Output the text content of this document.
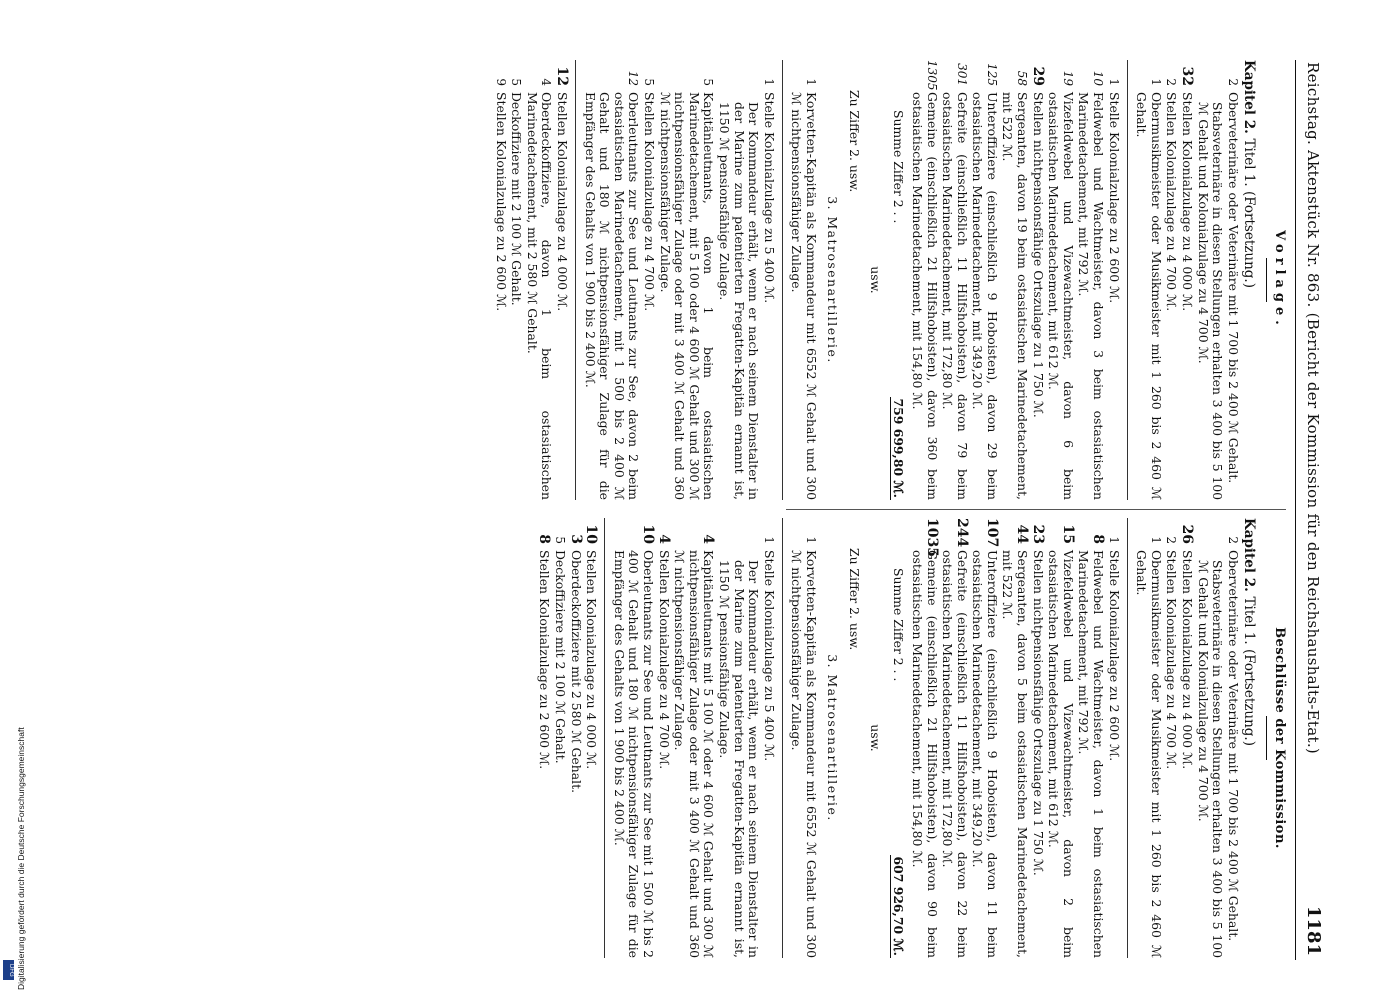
Reichstag. Aktenstück Nr. 863. (Bericht der Kommission für den Reichshaushalts-Etat.)
1181
Vorlage.
Kapitel 2. Titel 1. (Fortsetzung.)
2
Oberveterinäre oder Veterinäre mit 1 700 bis 2 400 ℳ Gehalt.
Stabsveterinäre in diesen Stellungen erhalten 3 400 bis 5 100 ℳ Gehalt und Kolonialzulage zu 4 700 ℳ.
32
Stellen Kolonialzulage zu 4 000 ℳ.
2
Stellen Kolonialzulage zu 4 700 ℳ.
1
Obermusikmeister oder Musikmeister mit 1 260 bis 2 460 ℳ Gehalt.
1
Stelle Kolonialzulage zu 2 600 ℳ.
10
Feldwebel und Wachtmeister, davon 3 beim ostasiatischen Marinedetachement, mit 792 ℳ.
19
Vizefeldwebel und Vizewachtmeister, davon 6 beim ostasiatischen Marinedetachement, mit 612 ℳ.
29
Stellen nichtpensionsfähige Ortszulage zu 1 750 ℳ.
58
Sergeanten, davon 19 beim ostasiatischen Marinedetachement, mit 522 ℳ.
125
Unteroffiziere (einschließlich 9 Hoboisten), davon 29 beim ostasiatischen Marinedetachement, mit 349,20 ℳ.
301
Gefreite (einschließlich 11 Hilfshoboisten), davon 79 beim ostasiatischen Marinedetachement, mit 172,80 ℳ.
1305
Gemeine (einschließlich 21 Hilfshoboisten), davon 360 beim ostasiatischen Marinedetachement, mit 154,80 ℳ.
Summe Ziffer 2 . .
759 699,80 ℳ.
usw.
Zu Ziffer 2. usw.
3. Matrosenartillerie.
1
Korvetten-Kapitän als Kommandeur mit 6552 ℳ Gehalt und 300 ℳ nichtpensionsfähiger Zulage.
1
Stelle Kolonialzulage zu 5 400 ℳ.
Der Kommandeur erhält, wenn er nach seinem Dienstalter in der Marine zum patentierten Fregatten-Kapitän ernannt ist, 1150 ℳ pensionsfähige Zulage.
5
Kapitänleutnants, davon 1 beim ostasiatischen Marinedetachement, mit 5 100 oder 4 600 ℳ Gehalt und 300 ℳ nichtpensionsfähiger Zulage oder mit 3 400 ℳ Gehalt und 360 ℳ nichtpensionsfähiger Zulage.
5
Stellen Kolonialzulage zu 4 700 ℳ.
12
Oberleutnants zur See und Leutnants zur See, davon 2 beim ostasiatischen Marinedetachement, mit 1 500 bis 2 400 ℳ Gehalt und 180 ℳ nichtpensionsfähiger Zulage für die Empfänger des Gehalts von 1 900 bis 2 400 ℳ.
12
Stellen Kolonialzulage zu 4 000 ℳ.
4
Oberdeckoffiziere, davon 1 beim ostasiatischen Marinedetachement, mit 2 580 ℳ Gehalt.
5
Deckoffiziere mit 2 100 ℳ Gehalt.
9
Stellen Kolonialzulage zu 2 600 ℳ.
Beschlüsse der Kommission.
Kapitel 2. Titel 1. (Fortsetzung.)
2
Oberveterinäre oder Veterinäre mit 1 700 bis 2 400 ℳ Gehalt.
Stabsveterinäre in diesen Stellungen erhalten 3 400 bis 5 100 ℳ Gehalt und Kolonialzulage zu 4 700 ℳ.
26
Stellen Kolonialzulage zu 4 000 ℳ.
2
Stellen Kolonialzulage zu 4 700 ℳ.
1
Obermusikmeister oder Musikmeister mit 1 260 bis 2 460 ℳ Gehalt.
1
Stelle Kolonialzulage zu 2 600 ℳ.
8
Feldwebel und Wachtmeister, davon 1 beim ostasiatischen Marinedetachement, mit 792 ℳ.
15
Vizefeldwebel und Vizewachtmeister, davon 2 beim ostasiatischen Marinedetachement, mit 612 ℳ.
23
Stellen nichtpensionsfähige Ortszulage zu 1 750 ℳ.
44
Sergeanten, davon 5 beim ostasiatischen Marinedetachement, mit 522 ℳ.
107
Unteroffiziere (einschließlich 9 Hoboisten), davon 11 beim ostasiatischen Marinedetachement, mit 349,20 ℳ.
244
Gefreite (einschließlich 11 Hilfshoboisten), davon 22 beim ostasiatischen Marinedetachement, mit 172,80 ℳ.
1035
Gemeine (einschließlich 21 Hilfshoboisten), davon 90 beim ostasiatischen Marinedetachement, mit 154,80 ℳ.
Summe Ziffer 2 . .
607 926,70 ℳ.
usw.
Zu Ziffer 2. usw.
3. Matrosenartillerie.
1
Korvetten-Kapitän als Kommandeur mit 6552 ℳ Gehalt und 300 ℳ nichtpensionsfähiger Zulage.
1
Stelle Kolonialzulage zu 5 400 ℳ.
Der Kommandeur erhält, wenn er nach seinem Dienstalter in der Marine zum patentierten Fregatten-Kapitän ernannt ist, 1150 ℳ pensionsfähige Zulage.
4
Kapitänleutnants mit 5 100 ℳ oder 4 600 ℳ Gehalt und 300 ℳ nichtpensionsfähiger Zulage oder mit 3 400 ℳ Gehalt und 360 ℳ nichtpensionsfähiger Zulage.
4
Stellen Kolonialzulage zu 4 700 ℳ.
10
Oberleutnants zur See und Leutnants zur See mit 1 500 ℳ bis 2 400 ℳ Gehalt und 180 ℳ nichtpensionsfähiger Zulage für die Empfänger des Gehalts von 1 900 bis 2 400 ℳ.
10
Stellen Kolonialzulage zu 4 000 ℳ.
3
Oberdeckoffiziere mit 2 580 ℳ Gehalt.
5
Deckoffiziere mit 2 100 ℳ Gehalt.
8
Stellen Kolonialzulage zu 2 600 ℳ.
Digitalisierung gefördert durch die Deutsche Forschungsgemeinschaft
DFG
